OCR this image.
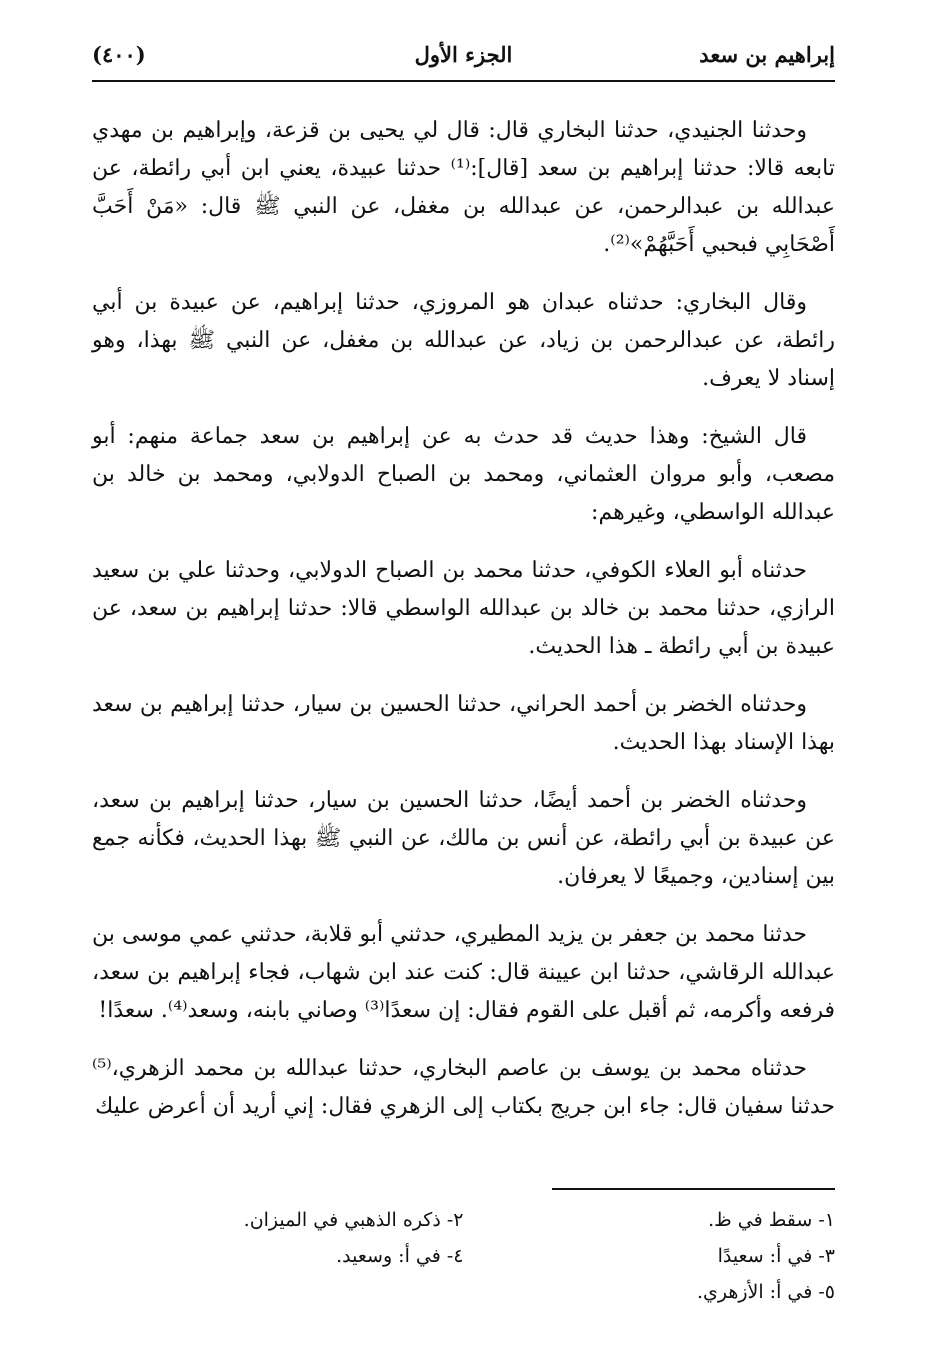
(٤٠٠)	الجزء الأول	إبراهيم بن سعد

وحدثنا الجنيدي، حدثنا البخاري قال: قال لي يحيى بن قزعة، وإبراهيم بن مهدي تابعه قالا: حدثنا إبراهيم بن سعد [قال]:⁽¹⁾ حدثنا عبيدة، يعني ابن أبي رائطة، عن عبدالله بن عبدالرحمن، عن عبدالله بن مغفل، عن النبي ﷺ قال: «مَنْ أَحَبَّ أَصْحَابِي فبحبي أَحَبَّهُمْ»⁽²⁾.

وقال البخاري: حدثناه عبدان هو المروزي، حدثنا إبراهيم، عن عبيدة بن أبي رائطة، عن عبدالرحمن بن زياد، عن عبدالله بن مغفل، عن النبي ﷺ بهذا، وهو إسناد لا يعرف.

قال الشيخ: وهذا حديث قد حدث به عن إبراهيم بن سعد جماعة منهم: أبو مصعب، وأبو مروان العثماني، ومحمد بن الصباح الدولابي، ومحمد بن خالد بن عبدالله الواسطي، وغيرهم:

حدثناه أبو العلاء الكوفي، حدثنا محمد بن الصباح الدولابي، وحدثنا علي بن سعيد الرازي، حدثنا محمد بن خالد بن عبدالله الواسطي قالا: حدثنا إبراهيم بن سعد، عن عبيدة بن أبي رائطة ـ هذا الحديث.

وحدثناه الخضر بن أحمد الحراني، حدثنا الحسين بن سيار، حدثنا إبراهيم بن سعد بهذا الإسناد بهذا الحديث.

وحدثناه الخضر بن أحمد أيضًا، حدثنا الحسين بن سيار، حدثنا إبراهيم بن سعد، عن عبيدة بن أبي رائطة، عن أنس بن مالك، عن النبي ﷺ بهذا الحديث، فكأنه جمع بين إسنادين، وجميعًا لا يعرفان.

حدثنا محمد بن جعفر بن يزيد المطيري، حدثني أبو قلابة، حدثني عمي موسى بن عبدالله الرقاشي، حدثنا ابن عيينة قال: كنت عند ابن شهاب، فجاء إبراهيم بن سعد، فرفعه وأكرمه، ثم أقبل على القوم فقال: إن سعدًا⁽³⁾ وصاني بابنه، وسعد⁽⁴⁾. سعدًا!

حدثناه محمد بن يوسف بن عاصم البخاري، حدثنا عبدالله بن محمد الزهري،⁽⁵⁾ حدثنا سفيان قال: جاء ابن جريج بكتاب إلى الزهري فقال: إني أريد أن أعرض عليك

١- سقط في ظ.
٢- ذكره الذهبي في الميزان.
٣- في أ: سعيدًا
٤- في أ: وسعيد.
٥- في أ: الأزهري.
